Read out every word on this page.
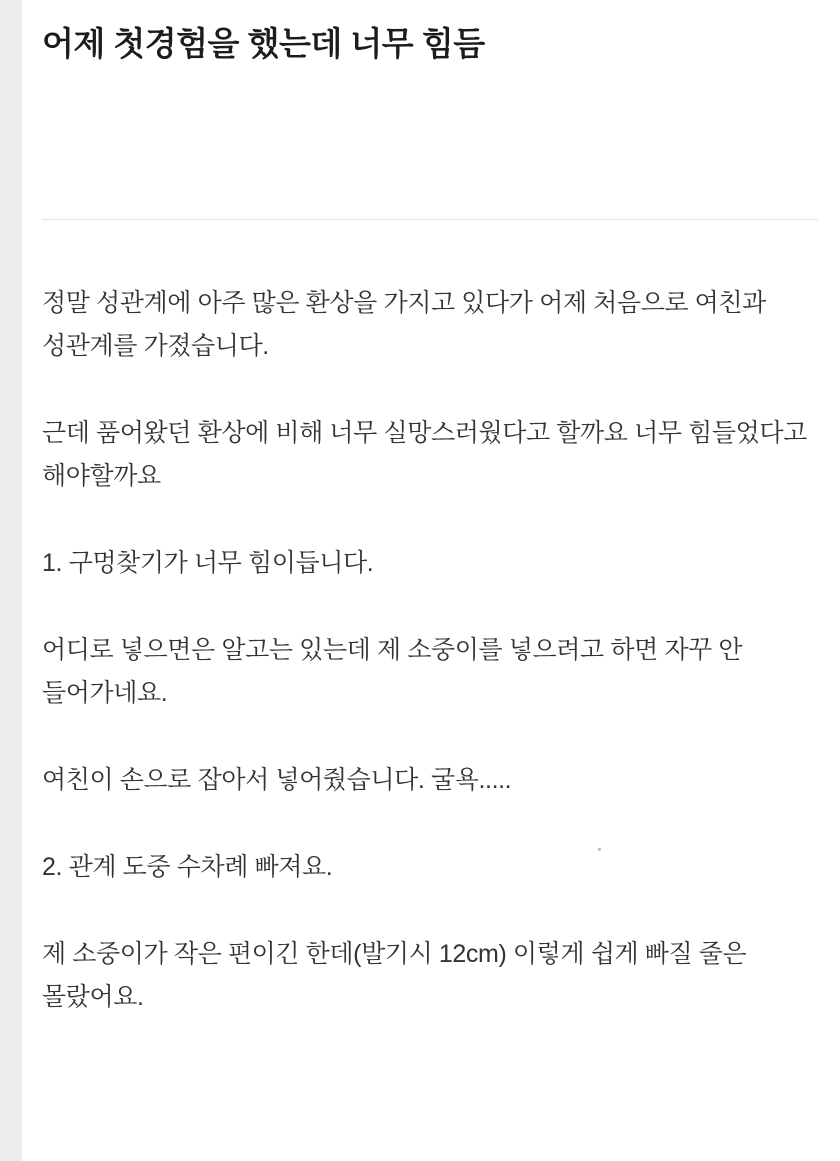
어제 첫경험을 했는데 너무 힘듬

정말 성관계에 아주 많은 환상을 가지고 있다가 어제 처음으로 여친과 성관계를 가졌습니다.

근데 품어왔던 환상에 비해 너무 실망스러웠다고 할까요 너무 힘들었다고 해야할까요

1. 구멍찾기가 너무 힘이듭니다.

어디로 넣으면은 알고는 있는데 제 소중이를 넣으려고 하면 자꾸 안 들어가네요.

여친이 손으로 잡아서 넣어줬습니다. 굴욕.....

2. 관계 도중 수차례 빠져요.

제 소중이가 작은 편이긴 한데(발기시 12cm) 이렇게 쉽게 빠질 줄은 몰랐어요.
